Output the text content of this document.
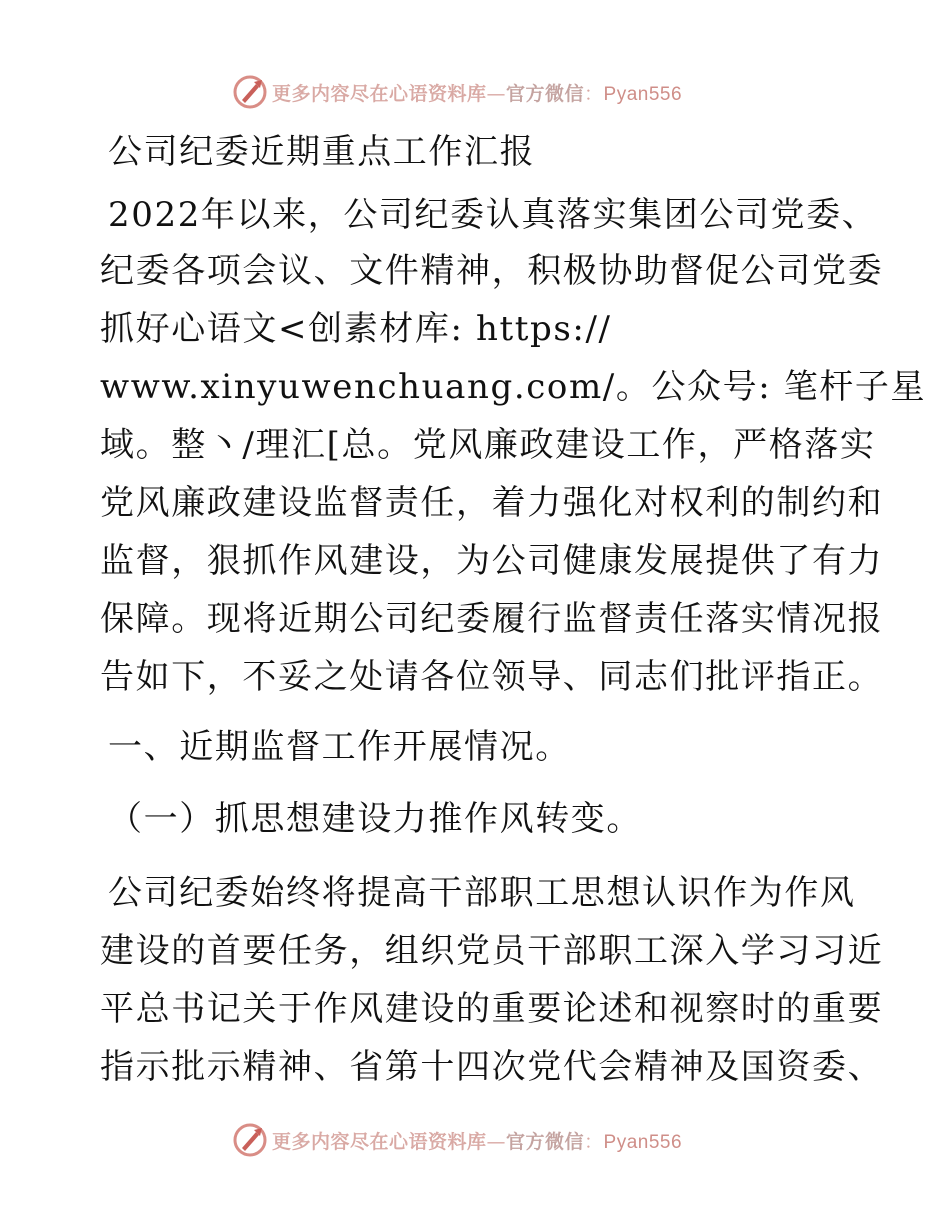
更多内容尽在心语资料库—官方微信：Pyan556

公司纪委近期重点工作汇报

2022年以来，公司纪委认真落实集团公司党委、

纪委各项会议、文件精神，积极协助督促公司党委

抓好心语文<创素材库: https://

www.xinyuwenchuang.com/。公众号: 笔杆子星

域。整丶/理汇[总。党风廉政建设工作，严格落实

党风廉政建设监督责任，着力强化对权利的制约和

监督，狠抓作风建设，为公司健康发展提供了有力

保障。现将近期公司纪委履行监督责任落实情况报

告如下，不妥之处请各位领导、同志们批评指正。

一、近期监督工作开展情况。

（一）抓思想建设力推作风转变。

公司纪委始终将提高干部职工思想认识作为作风

建设的首要任务，组织党员干部职工深入学习习近

平总书记关于作风建设的重要论述和视察时的重要

指示批示精神、省第十四次党代会精神及国资委、

更多内容尽在心语资料库—官方微信：Pyan556
